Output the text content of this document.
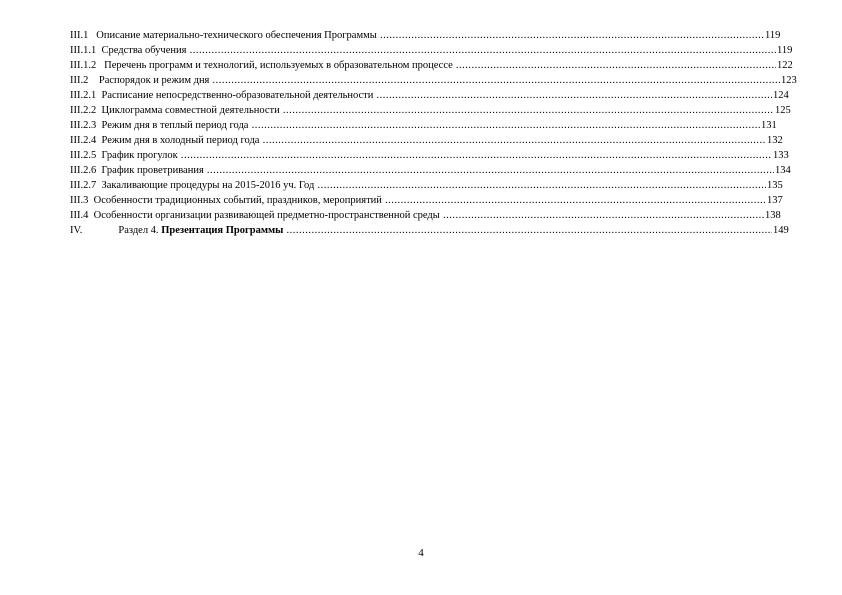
III.1 Описание материально-технического обеспечения Программы .....	119
III.1.1 Средства обучения .....	119
III.1.2 Перечень программ и технологий, используемых в образовательном процессе .....	122
III.2 Распорядок и режим дня .....	123
III.2.1 Расписание непосредственно-образовательной деятельности .....	124
III.2.2 Циклограмма совместной деятельности .....	125
III.2.3 Режим дня в теплый период года .....	131
III.2.4 Режим дня в холодный период года .....	132
III.2.5 График прогулок .....	133
III.2.6 График проветривания .....	134
III.2.7 Закаливающие процедуры на 2015-2016 уч. Год .....	135
III.3 Особенности традиционных событий, праздников, мероприятий .....	137
III.4 Особенности организации развивающей предметно-пространственной среды .....	138
IV.	Раздел 4. Презентация Программы .....	149
4
